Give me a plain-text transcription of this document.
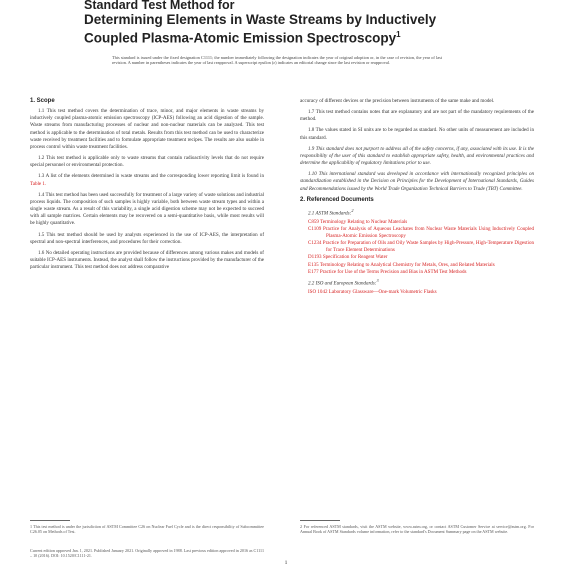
Standard Test Method for
Determining Elements in Waste Streams by Inductively
Coupled Plasma-Atomic Emission Spectroscopy$^1$
This standard is issued under the fixed designation C1111; the number immediately following the designation indicates the year of original adoption or, in the case of revision, the year of last revision. A number in parentheses indicates the year of last reapproval. A superscript epsilon (ε) indicates an editorial change since the last revision or reapproval.
1. Scope

1.1 This test method covers the determination of trace, minor, and major elements in waste streams by inductively coupled plasma-atomic emission spectroscopy (ICP-AES) following an acid digestion of the sample. Waste streams from manufacturing processes of nuclear and non-nuclear materials can be analyzed. This test method is applicable to the determination of total metals. Results from this test method can be used to characterize waste received by treatment facilities and to formulate appropriate treatment recipes. The results are also usable in process control within waste treatment facilities.

1.2 This test method is applicable only to waste streams that contain radioactivity levels that do not require special personnel or environmental protection.

1.3 A list of the elements determined in waste streams and the corresponding lower reporting limit is found in Table 1.

1.4 This test method has been used successfully for treatment of a large variety of waste solutions and industrial process liquids. The composition of such samples is highly variable, both between waste stream types and within a single waste stream. As a result of this variability, a single acid digestion scheme may not be expected to succeed with all sample matrices. Certain elements may be recovered on a semi-quantitative basis, while most results will be highly quantitative.

1.5 This test method should be used by analysts experienced in the use of ICP-AES, the interpretation of spectral and non-spectral interferences, and procedures for their correction.

1.6 No detailed operating instructions are provided because of differences among various makes and models of suitable ICP-AES instruments. Instead, the analyst shall follow the instructions provided by the manufacturer of the particular instrument. This test method does not address comparative

1 This test method is under the jurisdiction of ASTM Committee C26 on Nuclear Fuel Cycle and is the direct responsibility of Subcommittee C26.05 on Methods of Test.
Current edition approved Jan. 1, 2021. Published January 2021. Originally approved in 1988. Last previous edition approved in 2016 as C1111 – 10 (2016). DOI: 10.1520/C1111-21.

accuracy of different devices or the precision between instruments of the same make and model.

1.7 This test method contains notes that are explanatory and are not part of the mandatory requirements of the method.

1.8 The values stated in SI units are to be regarded as standard. No other units of measurement are included in this standard.

1.9 This standard does not purport to address all of the safety concerns, if any, associated with its use. It is the responsibility of the user of this standard to establish appropriate safety, health, and environmental practices and determine the applicability of regulatory limitations prior to use.

1.10 This international standard was developed in accordance with internationally recognized principles on standardization established in the Decision on Principles for the Development of International Standards, Guides and Recommendations issued by the World Trade Organization Technical Barriers to Trade (TBT) Committee.

2. Referenced Documents
2.1 ASTM Standards:$^2$
C859 Terminology Relating to Nuclear Materials
C1109 Practice for Analysis of Aqueous Leachates from Nuclear Waste Materials Using Inductively Coupled Plasma-Atomic Emission Spectroscopy
C1234 Practice for Preparation of Oils and Oily Waste Samples by High-Pressure, High-Temperature Digestion for Trace Element Determinations
D1193 Specification for Reagent Water
E135 Terminology Relating to Analytical Chemistry for Metals, Ores, and Related Materials
E177 Practice for Use of the Terms Precision and Bias in ASTM Test Methods
2.2 ISO and European Standards:$^3$
ISO 1042 Laboratory Glassware—One-mark Volumetric Flasks
2 For referenced ASTM standards, visit the ASTM website, www.astm.org, or contact ASTM Customer Service at service@astm.org. For Annual Book of ASTM Standards volume information, refer to the standard's Document Summary page on the ASTM website.
1
